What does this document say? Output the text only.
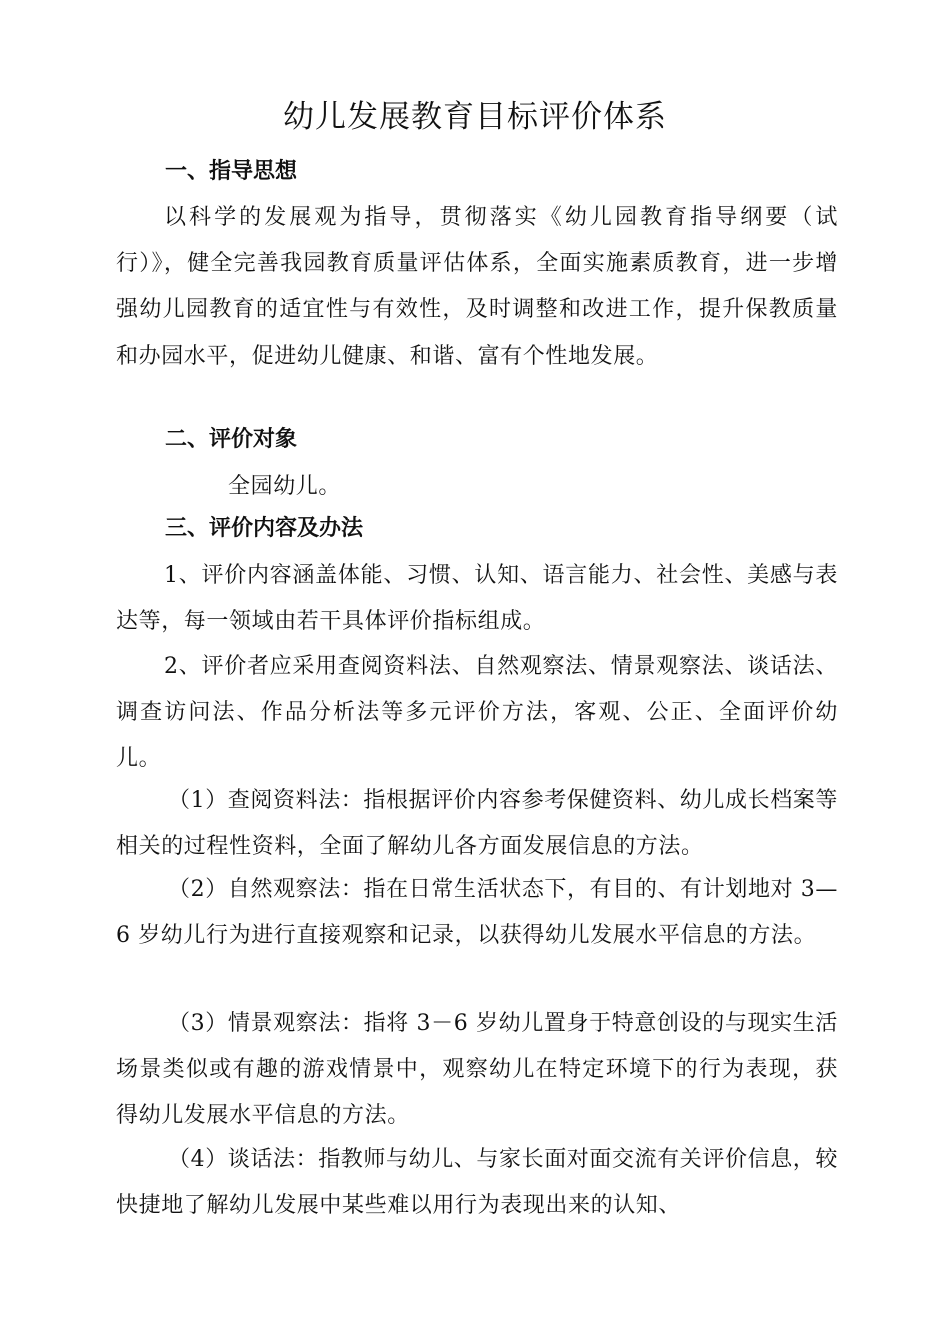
幼儿发展教育目标评价体系
一、指导思想

以科学的发展观为指导，贯彻落实《幼儿园教育指导纲要（试行）》，健全完善我园教育质量评估体系，全面实施素质教育，进一步增强幼儿园教育的适宜性与有效性，及时调整和改进工作，提升保教质量和办园水平，促进幼儿健康、和谐、富有个性地发展。

二、评价对象

全园幼儿。

三、评价内容及办法

1、评价内容涵盖体能、习惯、认知、语言能力、社会性、美感与表达等，每一领域由若干具体评价指标组成。

2、评价者应采用查阅资料法、自然观察法、情景观察法、谈话法、调查访问法、作品分析法等多元评价方法，客观、公正、全面评价幼儿。

（1）查阅资料法：指根据评价内容参考保健资料、幼儿成长档案等相关的过程性资料，全面了解幼儿各方面发展信息的方法。

（2）自然观察法：指在日常生活状态下，有目的、有计划地对 3—6 岁幼儿行为进行直接观察和记录，以获得幼儿发展水平信息的方法。

（3）情景观察法：指将 3－6 岁幼儿置身于特意创设的与现实生活场景类似或有趣的游戏情景中，观察幼儿在特定环境下的行为表现，获得幼儿发展水平信息的方法。

（4）谈话法：指教师与幼儿、与家长面对面交流有关评价信息，较快捷地了解幼儿发展中某些难以用行为表现出来的认知、
